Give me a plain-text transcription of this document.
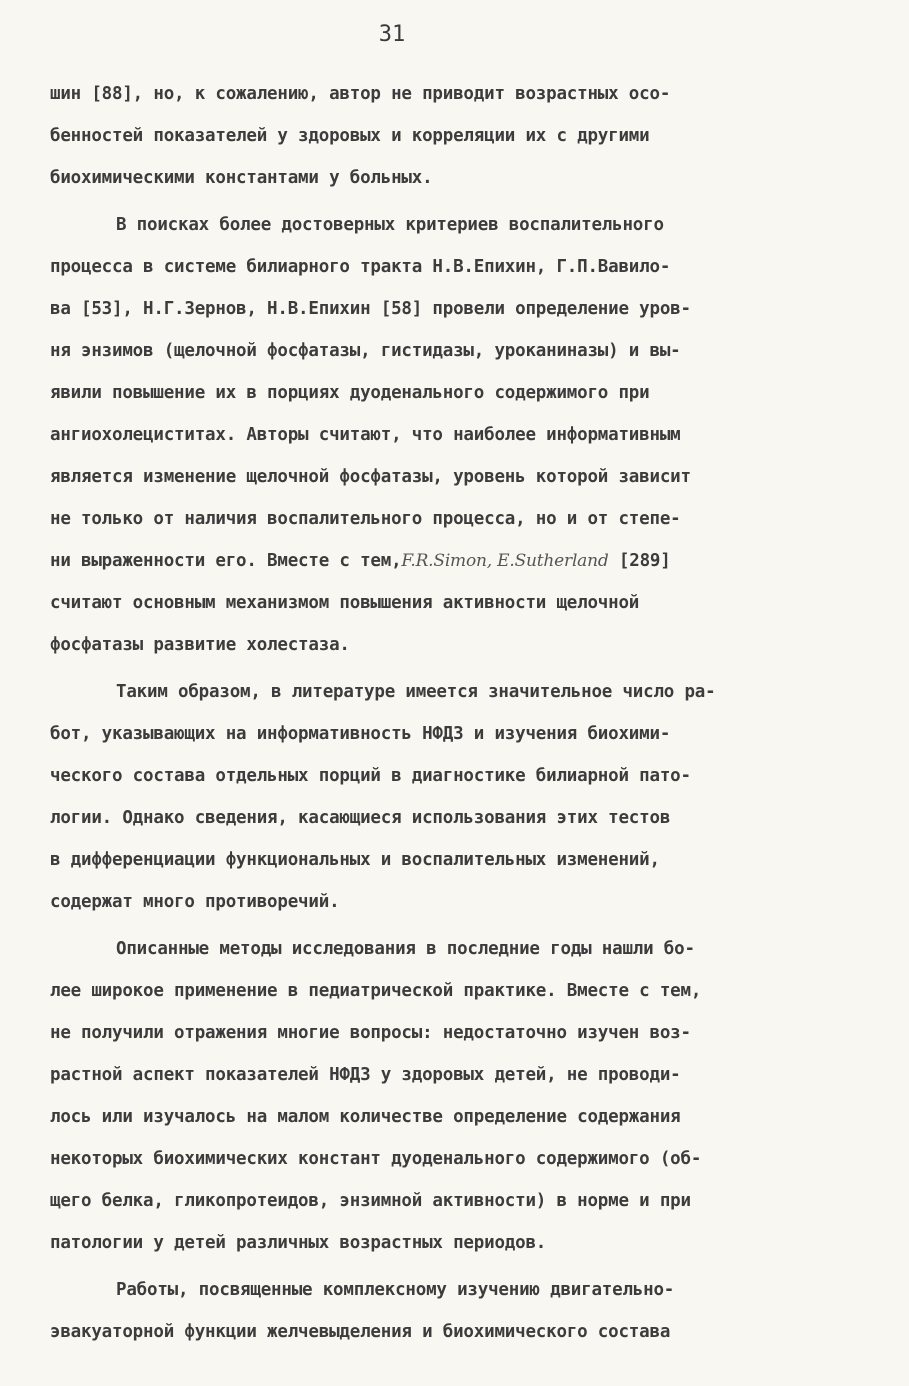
31
шин [88], но, к сожалению, автор не приводит возрастных осо-
бенностей показателей у здоровых и корреляции их с другими
биохимическими константами у больных.
В поисках более достоверных критериев воспалительного
процесса в системе билиарного тракта Н.В.Епихин, Г.П.Вавило-
ва [53], Н.Г.Зернов, Н.В.Епихин [58] провели определение уров-
ня энзимов (щелочной фосфатазы, гистидазы, уроканиназы) и вы-
явили повышение их в порциях дуоденального содержимого при
ангиохолециститах. Авторы считают, что наиболее информативным
является изменение щелочной фосфатазы, уровень которой зависит
не только от наличия воспалительного процесса, но и от степе-
ни выраженности его. Вместе с тем,F.R.Simon, E.Sutherland [289]
считают основным механизмом повышения активности щелочной
фосфатазы развитие холестаза.
Таким образом, в литературе имеется значительное число ра-
бот, указывающих на информативность НФДЗ и изучения биохими-
ческого состава отдельных порций в диагностике билиарной пато-
логии. Однако сведения, касающиеся использования этих тестов
в дифференциации функциональных и воспалительных изменений,
содержат много противоречий.
Описанные методы исследования в последние годы нашли бо-
лее широкое применение в педиатрической практике. Вместе с тем,
не получили отражения многие вопросы: недостаточно изучен воз-
растной аспект показателей НФДЗ у здоровых детей, не проводи-
лось или изучалось на малом количестве определение содержания
некоторых биохимических констант дуоденального содержимого (об-
щего белка, гликопротеидов, энзимной активности) в норме и при
патологии у детей различных возрастных периодов.
Работы, посвященные комплексному изучению двигательно-
эвакуаторной функции желчевыделения и биохимического состава
